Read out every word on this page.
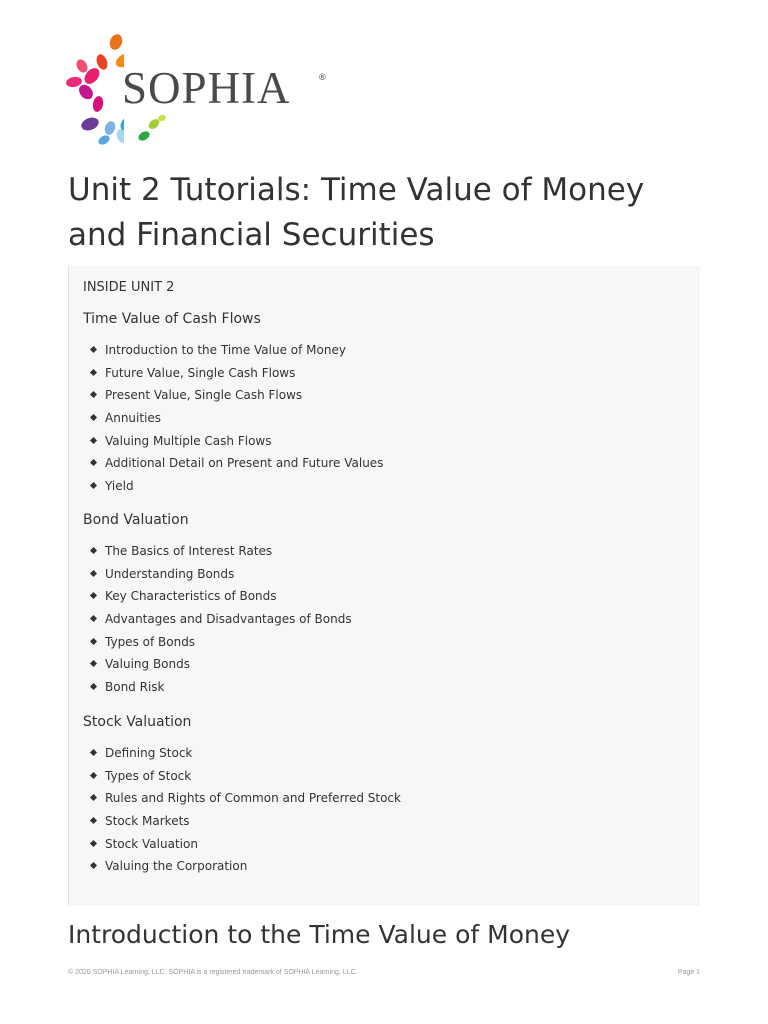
SOPHIA	®
Unit 2 Tutorials: Time Value of Money and Financial Securities
INSIDE UNIT 2
Time Value of Cash Flows
Introduction to the Time Value of Money
Future Value, Single Cash Flows
Present Value, Single Cash Flows
Annuities
Valuing Multiple Cash Flows
Additional Detail on Present and Future Values
Yield
Bond Valuation
The Basics of Interest Rates
Understanding Bonds
Key Characteristics of Bonds
Advantages and Disadvantages of Bonds
Types of Bonds
Valuing Bonds
Bond Risk
Stock Valuation
Defining Stock
Types of Stock
Rules and Rights of Common and Preferred Stock
Stock Markets
Stock Valuation
Valuing the Corporation
Introduction to the Time Value of Money
© 2020 SOPHIA Learning, LLC. SOPHIA is a registered trademark of SOPHIA Learning, LLC.	Page 1
